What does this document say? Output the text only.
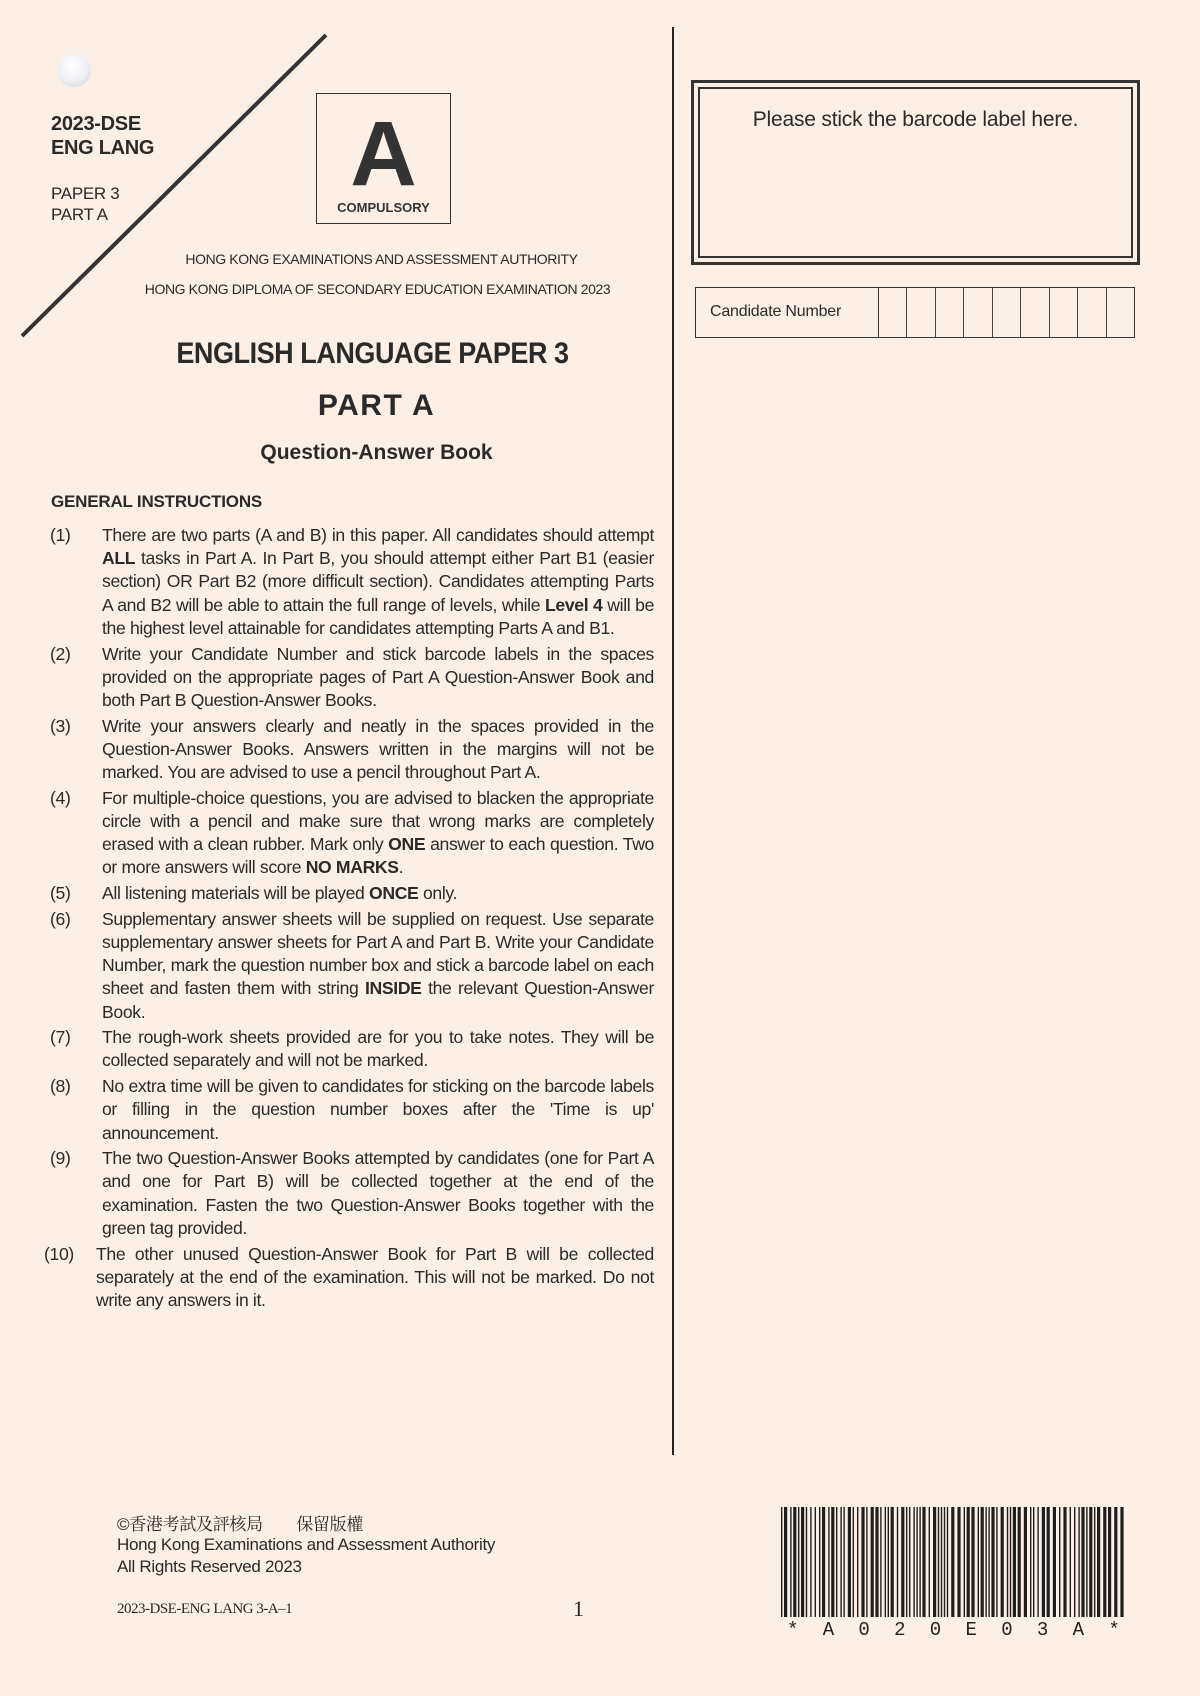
2023-DSE
ENG LANG
PAPER 3
PART A
A
COMPULSORY
HONG KONG EXAMINATIONS AND ASSESSMENT AUTHORITY
HONG KONG DIPLOMA OF SECONDARY EDUCATION EXAMINATION 2023
ENGLISH LANGUAGE PAPER 3
PART A
Question-Answer Book
GENERAL INSTRUCTIONS
(1)	There are two parts (A and B) in this paper. All candidates should attempt ALL tasks in Part A. In Part B, you should attempt either Part B1 (easier section) OR Part B2 (more difficult section). Candidates attempting Parts A and B2 will be able to attain the full range of levels, while Level 4 will be the highest level attainable for candidates attempting Parts A and B1.
(2)	Write your Candidate Number and stick barcode labels in the spaces provided on the appropriate pages of Part A Question-Answer Book and both Part B Question-Answer Books.
(3)	Write your answers clearly and neatly in the spaces provided in the Question-Answer Books. Answers written in the margins will not be marked. You are advised to use a pencil throughout Part A.
(4)	For multiple-choice questions, you are advised to blacken the appropriate circle with a pencil and make sure that wrong marks are completely erased with a clean rubber. Mark only ONE answer to each question. Two or more answers will score NO MARKS.
(5)	All listening materials will be played ONCE only.
(6)	Supplementary answer sheets will be supplied on request. Use separate supplementary answer sheets for Part A and Part B. Write your Candidate Number, mark the question number box and stick a barcode label on each sheet and fasten them with string INSIDE the relevant Question-Answer Book.
(7)	The rough-work sheets provided are for you to take notes. They will be collected separately and will not be marked.
(8)	No extra time will be given to candidates for sticking on the barcode labels or filling in the question number boxes after the 'Time is up' announcement.
(9)	The two Question-Answer Books attempted by candidates (one for Part A and one for Part B) will be collected together at the end of the examination. Fasten the two Question-Answer Books together with the green tag provided.
(10)	The other unused Question-Answer Book for Part B will be collected separately at the end of the examination. This will not be marked. Do not write any answers in it.
Please stick the barcode label here.
Candidate Number
©香港考試及評核局　　保留版權
Hong Kong Examinations and Assessment Authority
All Rights Reserved 2023
2023-DSE-ENG LANG 3-A–1	1
*A020E03A*
